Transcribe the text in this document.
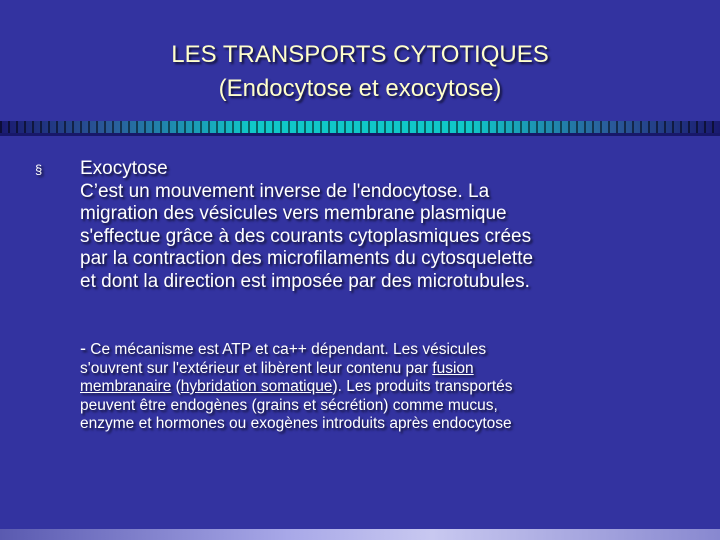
LES TRANSPORTS CYTOTIQUES
(Endocytose et exocytose)
§ Exocytose
C’est un mouvement inverse de l'endocytose. La
migration des vésicules vers membrane plasmique
s'effectue grâce à des courants cytoplasmiques crées
par la contraction des microfilaments du cytosquelette
et dont la direction est imposée par des microtubules.
- Ce mécanisme est ATP et ca++ dépendant. Les vésicules
s'ouvrent sur l'extérieur et libèrent leur contenu par fusion
membranaire (hybridation somatique). Les produits transportés
peuvent être endogènes (grains et sécrétion) comme mucus,
enzyme et hormones ou exogènes introduits après endocytose
